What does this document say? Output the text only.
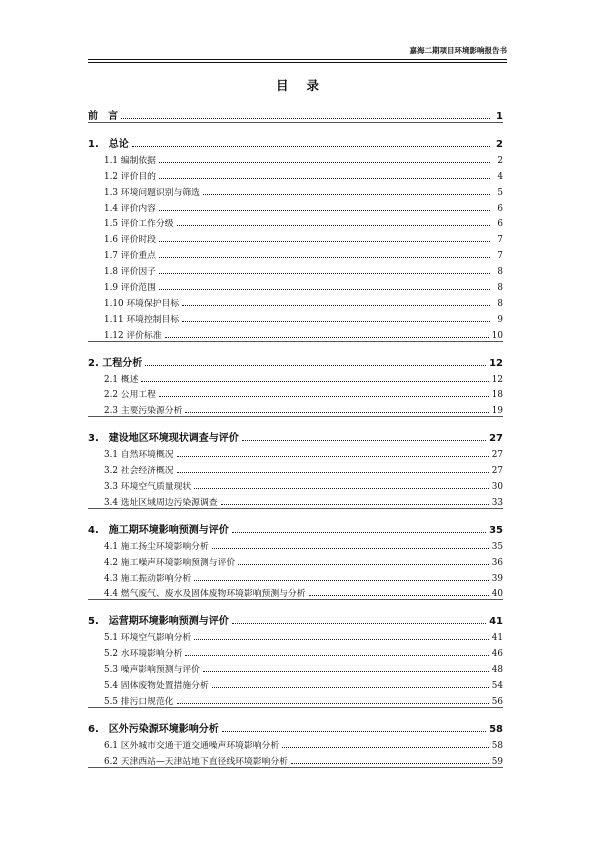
嘉海二期项目环境影响报告书
目录
前　言	1
1.　总论	2
1.1 编制依据	2
1.2 评价目的	4
1.3 环境问题识别与筛选	5
1.4 评价内容	6
1.5 评价工作分级	6
1.6 评价时段	7
1.7 评价重点	7
1.8 评价因子	8
1.9 评价范围	8
1.10 环境保护目标	8
1.11 环境控制目标	9
1.12 评价标准	10
2. 工程分析	12
2.1 概述	12
2.2 公用工程	18
2.3 主要污染源分析	19
3.　建设地区环境现状调查与评价	27
3.1 自然环境概况	27
3.2 社会经济概况	27
3.3 环境空气质量现状	30
3.4 选址区域周边污染源调查	33
4.　施工期环境影响预测与评价	35
4.1 施工扬尘环境影响分析	35
4.2 施工噪声环境影响预测与评价	36
4.3 施工振动影响分析	39
4.4 燃气废气、废水及固体废物环境影响预测与分析	40
5.　运营期环境影响预测与评价	41
5.1 环境空气影响分析	41
5.2 水环境影响分析	46
5.3 噪声影响预测与评价	48
5.4 固体废物处置措施分析	54
5.5 排污口规范化	56
6.　区外污染源环境影响分析	58
6.1 区外城市交通干道交通噪声环境影响分析	58
6.2 天津西站—天津站地下直径线环境影响分析	59
